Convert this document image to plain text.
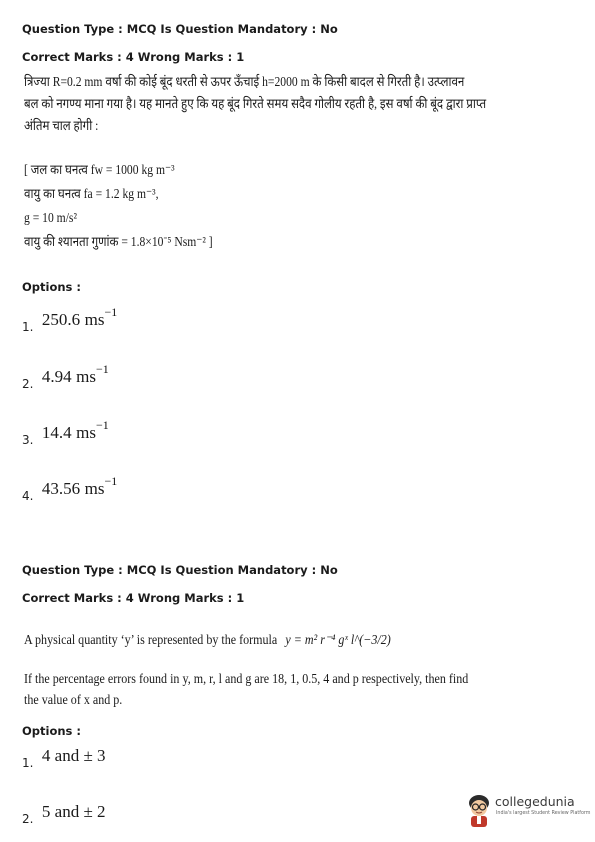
Question Type : MCQ Is Question Mandatory : No
Correct Marks : 4 Wrong Marks : 1
त्रिज्या R=0.2 mm वर्षा की कोई बूंद धरती से ऊपर ऊँचाई h=2000 m के किसी बादल से गिरती है। उत्प्लावन
बल को नगण्य माना गया है। यह मानते हुए कि यह बूंद गिरते समय सदैव गोलीय रहती है, इस वर्षा की बूंद द्वारा प्राप्त
अंतिम चाल होगी :
[ जल का घनत्व fw = 1000 kg m⁻³
वायु का घनत्व fa = 1.2 kg m⁻³,
g = 10 m/s²
वायु की श्यानता गुणांक = 1.8×10⁻⁵ Nsm⁻² ]
Options :
$_{1.}$ 250.6 $ms^{-1}$
$_{2.}$ 4.94 $ms^{-1}$
$_{3.}$ 14.4 $ms^{-1}$
$_{4.}$ 43.56 $ms^{-1}$
Question Type : MCQ Is Question Mandatory : No
Correct Marks : 4 Wrong Marks : 1
A physical quantity ‘y’ is represented by the formula y = m² r⁻⁴ gˣ l^(−3/2)
If the percentage errors found in y, m, r, l and g are 18, 1, 0.5, 4 and p respectively, then find
the value of x and p.
Options :
$_{1.}$ 4 and ± 3
$_{2.}$ 5 and ± 2
collegedunia
India's largest Student Review Platform
